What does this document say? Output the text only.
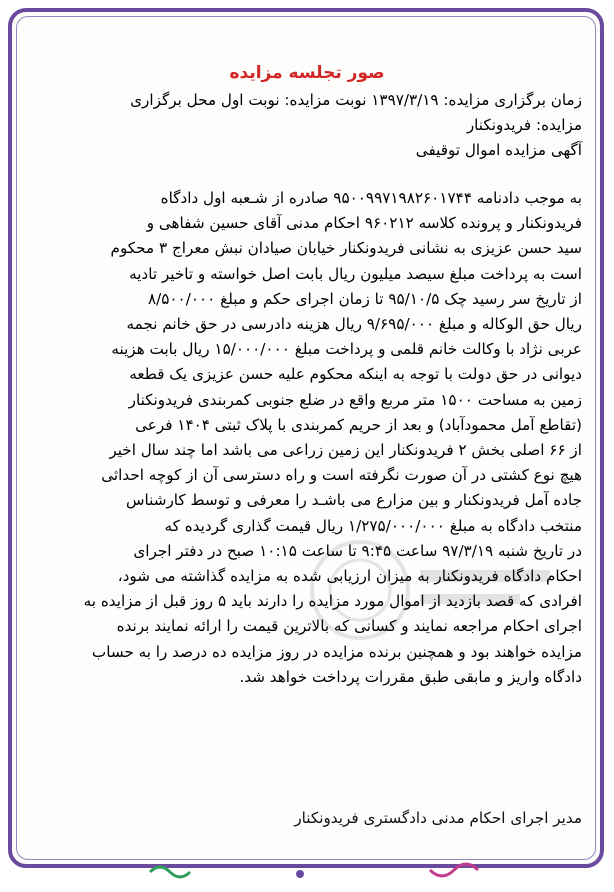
صور تجلسه مزایده
زمان برگزاری مزایده: ۱۳۹۷/۳/۱۹ نوبت مزایده: نوبت اول محل برگزاری
مزایده: فریدونکنار
آگهی مزایده اموال توقیفی
به موجب دادنامه ۹۵۰۰۹۹۷۱۹۸۲۶۰۱۷۴۴ صادره از شـعبه اول دادگاه
فریدونکنار و پرونده کلاسه ۹۶۰۲۱۲ احکام مدنی آقای حسین شفاهی و
سید حسن عزیزی به نشانی فریدونکنار خیابان صیادان نبش معراج ۳ محکوم
است به پرداخت مبلغ سیصد میلیون ریال بابت اصل خواسته و تاخیر تادیه
از تاریخ سر رسید چک ۹۵/۱۰/۵ تا زمان اجرای حکم و مبلغ ۸/۵۰۰/۰۰۰
ریال حق الوکاله و مبلغ ۹/۶۹۵/۰۰۰ ریال هزینه دادرسی در حق خانم نجمه
عربی نژاد با وکالت خانم قلمی و پرداخت مبلغ ۱۵/۰۰۰/۰۰۰ ریال بابت هزینه
دیوانی در حق دولت با توجه به اینکه محکوم علیه حسن عزیزی یک قطعه
زمین به مساحت ۱۵۰۰ متر مربع واقع در ضلع جنوبی کمربندی فریدونکنار
(تقاطع آمل محمودآباد) و بعد از حریم کمربندی با پلاک ثبتی ۱۴۰۴ فرعی
از ۶۶ اصلی بخش ۲ فریدونکنار این زمین زراعی می باشد اما چند سال اخیر
هیچ نوع کشتی در آن صورت نگرفته است و راه دسترسی آن از کوچه احداثی
جاده آمل فریدونکنار و بین مزارع می باشـد را معرفی و توسط کارشناس
منتخب دادگاه به مبلغ ۱/۲۷۵/۰۰۰/۰۰۰ ریال قیمت گذاری گردیده که
در تاریخ شنبه ۹۷/۳/۱۹ ساعت ۹:۴۵ تا ساعت ۱۰:۱۵ صبح در دفتر اجرای
احکام دادگاه فریدونکنار به میزان ارزیابی شده به مزایده گذاشته می شود،
افرادی که قصد بازدید از اموال مورد مزایده را دارند باید ۵ روز قبل از مزایده به
اجرای احکام مراجعه نمایند و کسانی که بالاترین قیمت را ارائه نمایند برنده
مزایده خواهند بود و همچنین برنده مزایده در روز مزایده ده درصد را به حساب
دادگاه واریز و مابقی طبق مقررات پرداخت خواهد شد.
مدیر اجرای احکام مدنی دادگستری فریدونکنار
